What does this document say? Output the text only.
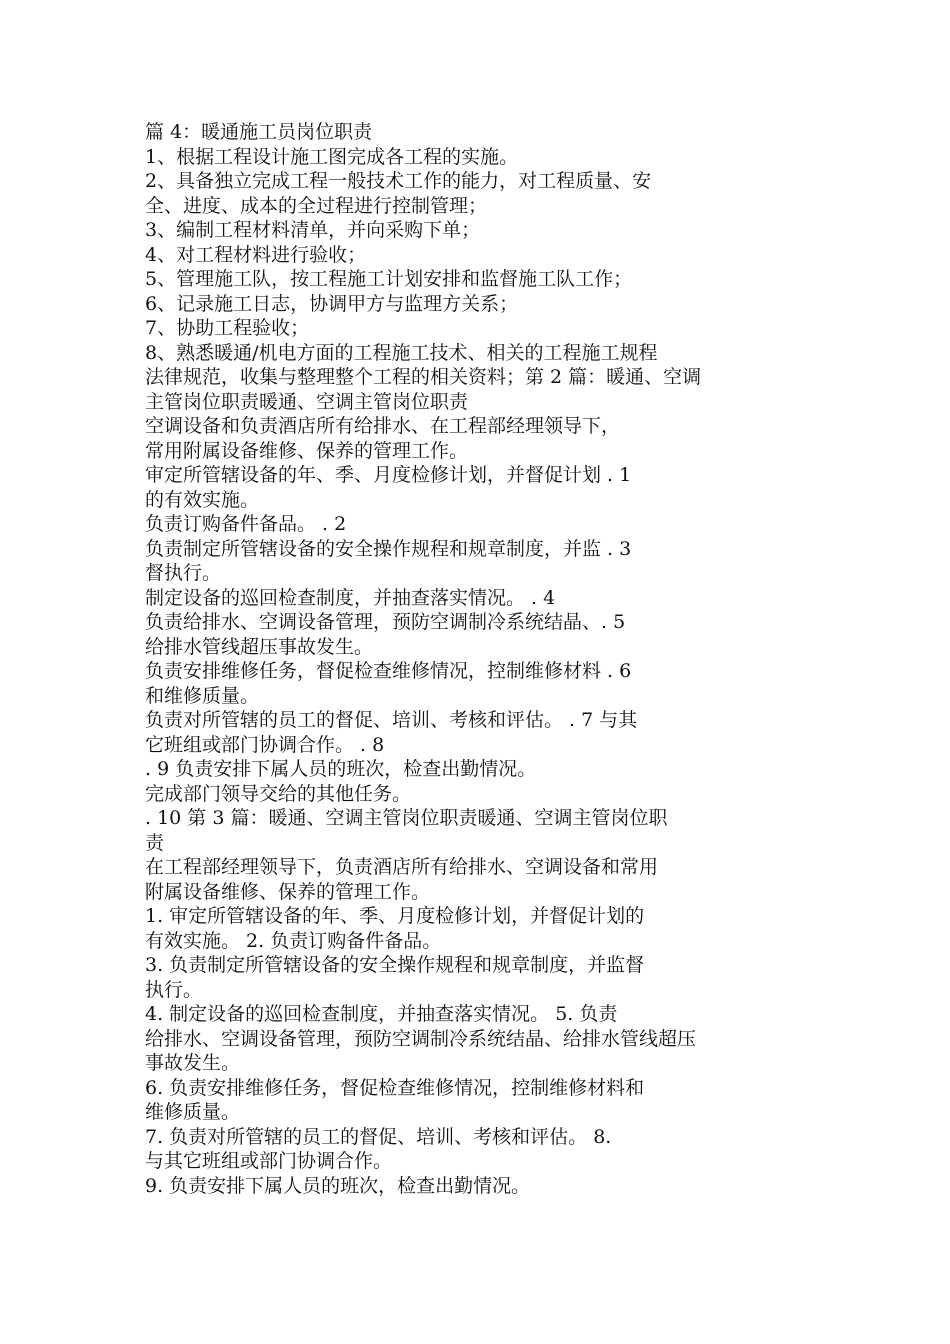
篇 4：暖通施工员岗位职责
1、根据工程设计施工图完成各工程的实施。
2、具备独立完成工程一般技术工作的能力，对工程质量、安
全、进度、成本的全过程进行控制管理；
3、编制工程材料清单，并向采购下单；
4、对工程材料进行验收；
5、管理施工队，按工程施工计划安排和监督施工队工作；
6、记录施工日志，协调甲方与监理方关系；
7、协助工程验收；
8、熟悉暖通/机电方面的工程施工技术、相关的工程施工规程
法律规范，收集与整理整个工程的相关资料；第 2 篇：暖通、空调
主管岗位职责暖通、空调主管岗位职责
空调设备和负责酒店所有给排水、在工程部经理领导下，
常用附属设备维修、保养的管理工作。
审定所管辖设备的年、季、月度检修计划，并督促计划 . 1
的有效实施。
负责订购备件备品。 . 2
负责制定所管辖设备的安全操作规程和规章制度，并监 . 3
督执行。
制定设备的巡回检查制度，并抽查落实情况。 . 4
负责给排水、空调设备管理，预防空调制冷系统结晶、. 5
给排水管线超压事故发生。
负责安排维修任务，督促检查维修情况，控制维修材料 . 6
和维修质量。
负责对所管辖的员工的督促、培训、考核和评估。 . 7 与其
它班组或部门协调合作。 . 8
. 9 负责安排下属人员的班次，检查出勤情况。
完成部门领导交给的其他任务。
. 10 第 3 篇：暖通、空调主管岗位职责暖通、空调主管岗位职
责
在工程部经理领导下，负责酒店所有给排水、空调设备和常用
附属设备维修、保养的管理工作。
1. 审定所管辖设备的年、季、月度检修计划，并督促计划的
有效实施。 2. 负责订购备件备品。
3. 负责制定所管辖设备的安全操作规程和规章制度，并监督
执行。
4. 制定设备的巡回检查制度，并抽查落实情况。 5. 负责
给排水、空调设备管理，预防空调制冷系统结晶、给排水管线超压
事故发生。
6. 负责安排维修任务，督促检查维修情况，控制维修材料和
维修质量。
7. 负责对所管辖的员工的督促、培训、考核和评估。 8.
与其它班组或部门协调合作。
9. 负责安排下属人员的班次，检查出勤情况。
